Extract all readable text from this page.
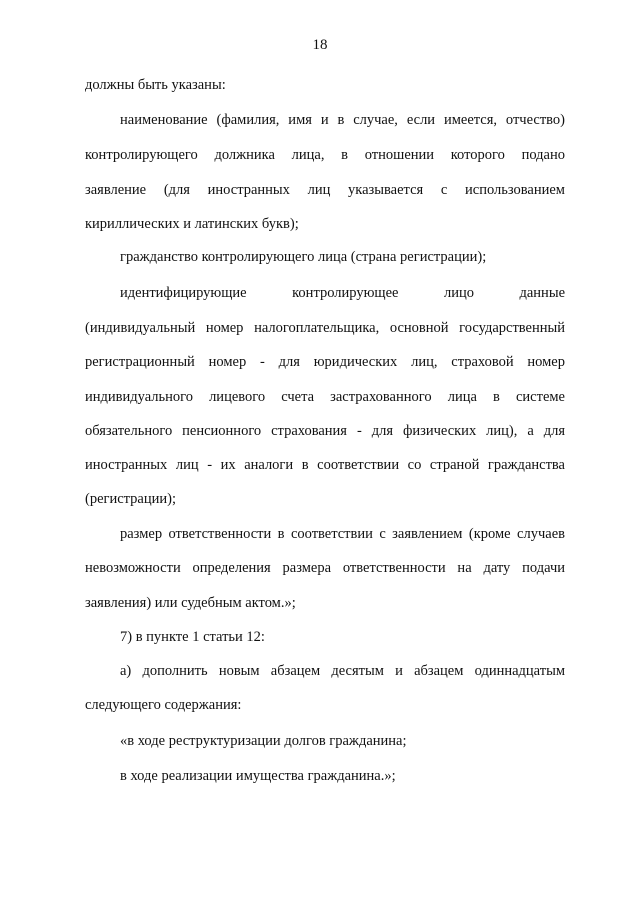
18
должны быть указаны:
наименование (фамилия, имя и в случае, если имеется, отчество)
контролирующего должника лица, в отношении которого подано
заявление (для иностранных лиц указывается с использованием
кириллических и латинских букв);
гражданство контролирующего лица (страна регистрации);
идентифицирующие контролирующее лицо данные
(индивидуальный номер налогоплательщика, основной государственный
регистрационный номер - для юридических лиц, страховой номер
индивидуального лицевого счета застрахованного лица в системе
обязательного пенсионного страхования - для физических лиц), а для
иностранных лиц - их аналоги в соответствии со страной гражданства
(регистрации);
размер ответственности в соответствии с заявлением (кроме случаев
невозможности определения размера ответственности на дату подачи
заявления) или судебным актом.»;
7) в пункте 1 статьи 12:
а) дополнить новым абзацем десятым и абзацем одиннадцатым
следующего содержания:
«в ходе реструктуризации долгов гражданина;
в ходе реализации имущества гражданина.»;
